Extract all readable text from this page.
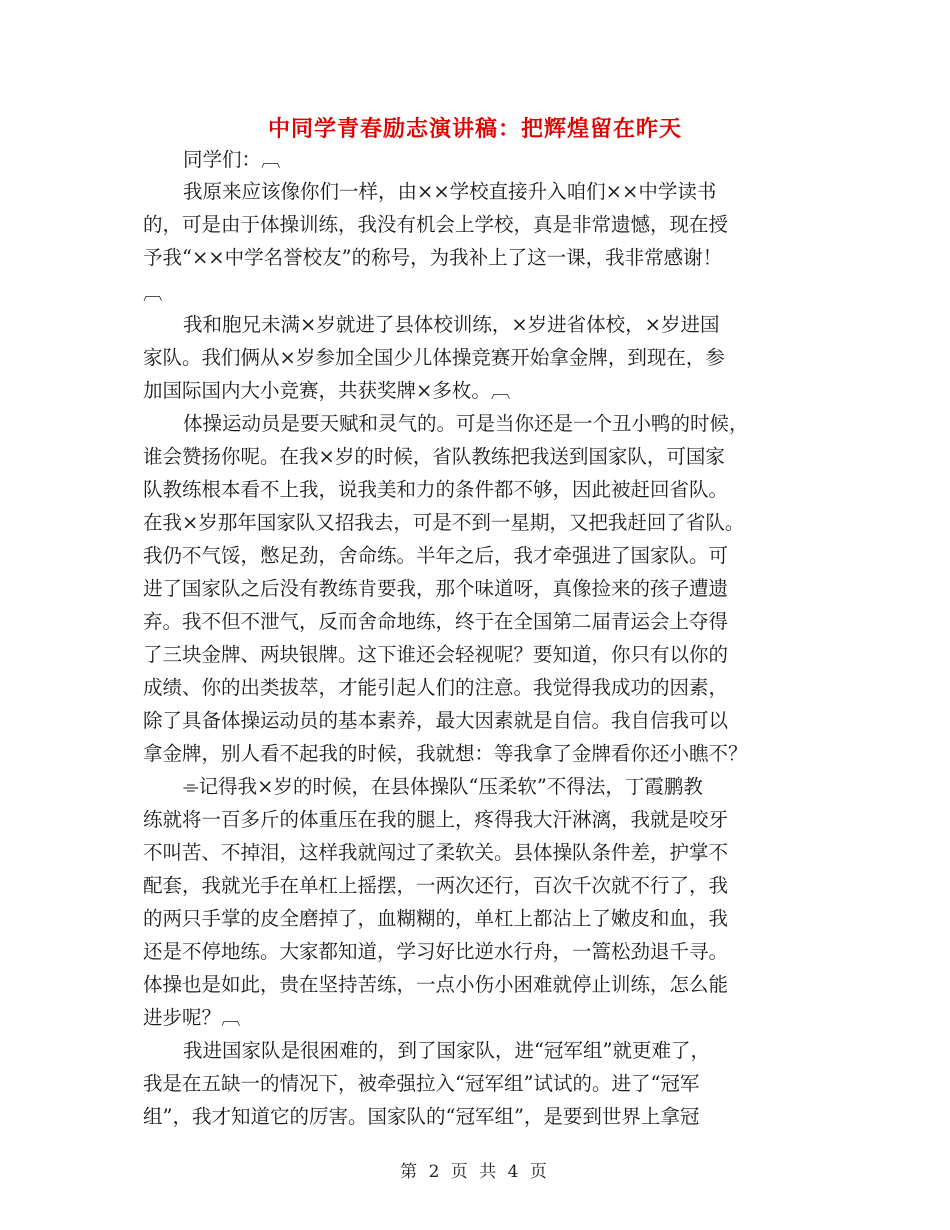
中同学青春励志演讲稿：把辉煌留在昨天
同学们：︹
我原来应该像你们一样，由××学校直接升入咱们××中学读书
的，可是由于体操训练，我没有机会上学校，真是非常遗憾，现在授
予我“××中学名誉校友”的称号，为我补上了这一课，我非常感谢！
︹
我和胞兄未满×岁就进了县体校训练，×岁进省体校，×岁进国
家队。我们俩从×岁参加全国少儿体操竞赛开始拿金牌，到现在，参
加国际国内大小竞赛，共获奖牌×多枚。︹
体操运动员是要天赋和灵气的。可是当你还是一个丑小鸭的时候，
谁会赞扬你呢。在我×岁的时候，省队教练把我送到国家队，可国家
队教练根本看不上我，说我美和力的条件都不够，因此被赶回省队。
在我×岁那年国家队又招我去，可是不到一星期，又把我赶回了省队。
我仍不气馁，憋足劲，舍命练。半年之后，我才牵强进了国家队。可
进了国家队之后没有教练肯要我，那个味道呀，真像捡来的孩子遭遗
弃。我不但不泄气，反而舍命地练，终于在全国第二届青运会上夺得
了三块金牌、两块银牌。这下谁还会轻视呢？要知道，你只有以你的
成绩、你的出类拔萃，才能引起人们的注意。我觉得我成功的因素，
除了具备体操运动员的基本素养，最大因素就是自信。我自信我可以
拿金牌，别人看不起我的时候，我就想：等我拿了金牌看你还小瞧不？
⌯记得我×岁的时候，在县体操队“压柔软”不得法，丁霞鹏教
练就将一百多斤的体重压在我的腿上，疼得我大汗淋漓，我就是咬牙
不叫苦、不掉泪，这样我就闯过了柔软关。县体操队条件差，护掌不
配套，我就光手在单杠上摇摆，一两次还行，百次千次就不行了，我
的两只手掌的皮全磨掉了，血糊糊的，单杠上都沾上了嫩皮和血，我
还是不停地练。大家都知道，学习好比逆水行舟，一篙松劲退千寻。
体操也是如此，贵在坚持苦练，一点小伤小困难就停止训练，怎么能
进步呢？︹
我进国家队是很困难的，到了国家队，进“冠军组”就更难了，
我是在五缺一的情况下，被牵强拉入“冠军组”试试的。进了“冠军
组”，我才知道它的厉害。国家队的“冠军组”，是要到世界上拿冠
第 2 页 共 4 页
